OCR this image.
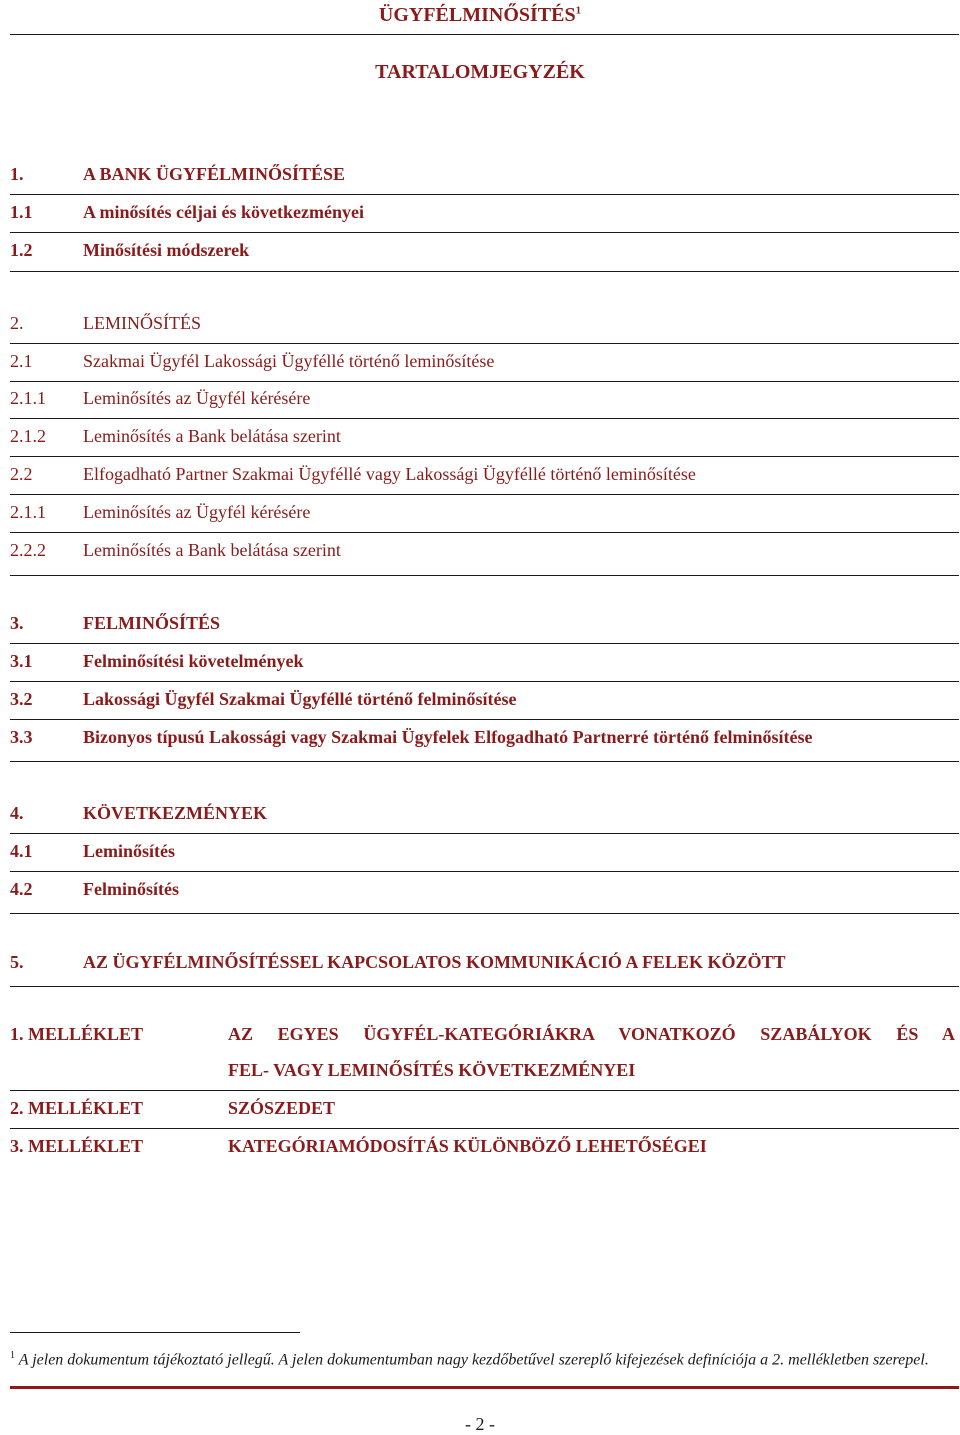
ÜGYFÉLMINŐSÍTÉS$^1$
TARTALOMJEGYZÉK
1.	A BANK ÜGYFÉLMINŐSÍTÉSE
1.1	A minősítés céljai és következményei
1.2	Minősítési módszerek
2.	LEMINŐSÍTÉS
2.1	Szakmai Ügyfél Lakossági Ügyféllé történő leminősítése
2.1.1 Leminősítés az Ügyfél kérésére
2.1.2 Leminősítés a Bank belátása szerint
2.2	Elfogadható Partner Szakmai Ügyféllé vagy Lakossági Ügyféllé történő leminősítése
2.1.1 Leminősítés az Ügyfél kérésére
2.2.2 Leminősítés a Bank belátása szerint
3.	FELMINŐSÍTÉS
3.1	Felminősítési követelmények
3.2	Lakossági Ügyfél Szakmai Ügyféllé történő felminősítése
3.3	Bizonyos típusú Lakossági vagy Szakmai Ügyfelek Elfogadható Partnerré történő felminősítése
4.	KÖVETKEZMÉNYEK
4.1	Leminősítés
4.2	Felminősítés
5.	AZ ÜGYFÉLMINŐSÍTÉSSEL KAPCSOLATOS KOMMUNIKÁCIÓ A FELEK KÖZÖTT
1. MELLÉKLET	AZ EGYES ÜGYFÉL-KATEGÓRIÁKRA VONATKOZÓ SZABÁLYOK ÉS A
FEL- VAGY LEMINŐSÍTÉS KÖVETKEZMÉNYEI
2. MELLÉKLET	SZÓSZEDET
3. MELLÉKLET	KATEGÓRIAMÓDOSÍTÁS KÜLÖNBÖZŐ LEHETŐSÉGEI
$^1$ A jelen dokumentum tájékoztató jellegű. A jelen dokumentumban nagy kezdőbetűvel szereplő kifejezések definíciója a 2. mellékletben szerepel.
- 2 -
